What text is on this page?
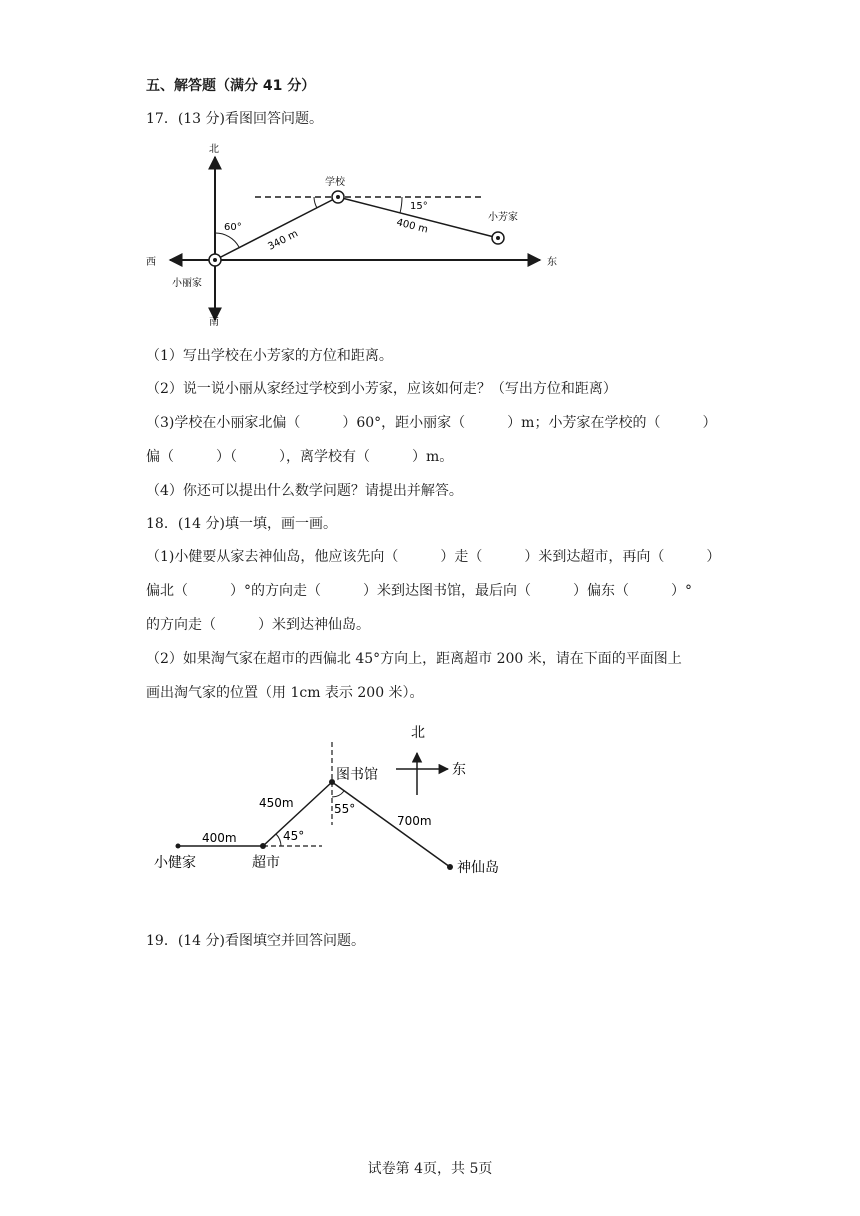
五、解答题（满分 41 分）
17．(13 分)看图回答问题。
北
南
西	东
学校
小芳家
小丽家
60°
15°
340 m
400 m
（1）写出学校在小芳家的方位和距离。
（2）说一说小丽从家经过学校到小芳家，应该如何走？（写出方位和距离）
（3)学校在小丽家北偏（　　　）60°，距小丽家（　　　）m；小芳家在学校的（　　　）
偏（　　　）（　　　），离学校有（　　　）m。
（4）你还可以提出什么数学问题？请提出并解答。
18．(14 分)填一填，画一画。
（1)小健要从家去神仙岛，他应该先向（　　　）走（　　　）米到达超市，再向（　　　）
偏北（　　　）°的方向走（　　　）米到达图书馆，最后向（　　　）偏东（　　　）°
的方向走（　　　）米到达神仙岛。
（2）如果淘气家在超市的西偏北 45°方向上，距离超市 200 米，请在下面的平面图上
画出淘气家的位置（用 1cm 表示 200 米）。
北
东
图书馆
神仙岛
超市
小健家
400m
450m
700m
45°
55°
19．(14 分)看图填空并回答问题。
试卷第 4页，共 5页
